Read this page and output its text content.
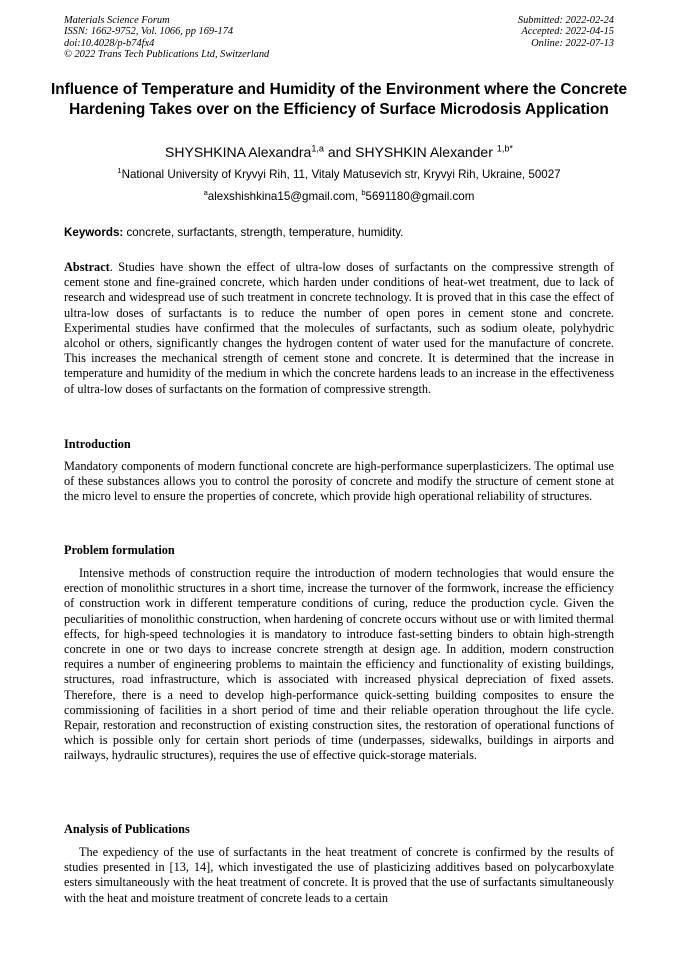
Materials Science Forum
ISSN: 1662-9752, Vol. 1066, pp 169-174
doi:10.4028/p-b74fx4
© 2022 Trans Tech Publications Ltd, Switzerland
Submitted: 2022-02-24
Accepted: 2022-04-15
Online: 2022-07-13
Influence of Temperature and Humidity of the Environment where the Concrete Hardening Takes over on the Efficiency of Surface Microdosis Application
SHYSHKINA Alexandra$^{1,a}$ and SHYSHKIN Alexander $^{1,b*}$
$^1$National University of Kryvyi Rih, 11, Vitaly Matusevich str, Kryvyi Rih, Ukraine, 50027
$^a$alexshishkina15@gmail.com, $^b$5691180@gmail.com
Keywords: concrete, surfactants, strength, temperature, humidity.

Abstract. Studies have shown the effect of ultra-low doses of surfactants on the compressive strength of cement stone and fine-grained concrete, which harden under conditions of heat-wet treatment, due to lack of research and widespread use of such treatment in concrete technology. It is proved that in this case the effect of ultra-low doses of surfactants is to reduce the number of open pores in cement stone and concrete. Experimental studies have confirmed that the molecules of surfactants, such as sodium oleate, polyhydric alcohol or others, significantly changes the hydrogen content of water used for the manufacture of concrete. This increases the mechanical strength of cement stone and concrete. It is determined that the increase in temperature and humidity of the medium in which the concrete hardens leads to an increase in the effectiveness of ultra-low doses of surfactants on the formation of compressive strength.

Introduction

Mandatory components of modern functional concrete are high-performance superplasticizers. The optimal use of these substances allows you to control the porosity of concrete and modify the structure of cement stone at the micro level to ensure the properties of concrete, which provide high operational reliability of structures.

Problem formulation

Intensive methods of construction require the introduction of modern technologies that would ensure the erection of monolithic structures in a short time, increase the turnover of the formwork, increase the efficiency of construction work in different temperature conditions of curing, reduce the production cycle. Given the peculiarities of monolithic construction, when hardening of concrete occurs without use or with limited thermal effects, for high-speed technologies it is mandatory to introduce fast-setting binders to obtain high-strength concrete in one or two days to increase concrete strength at design age. In addition, modern construction requires a number of engineering problems to maintain the efficiency and functionality of existing buildings, structures, road infrastructure, which is associated with increased physical depreciation of fixed assets. Therefore, there is a need to develop high-performance quick-setting building composites to ensure the commissioning of facilities in a short period of time and their reliable operation throughout the life cycle. Repair, restoration and reconstruction of existing construction sites, the restoration of operational functions of which is possible only for certain short periods of time (underpasses, sidewalks, buildings in airports and railways, hydraulic structures), requires the use of effective quick-storage materials.

Analysis of Publications

The expediency of the use of surfactants in the heat treatment of concrete is confirmed by the results of studies presented in [13, 14], which investigated the use of plasticizing additives based on polycarboxylate esters simultaneously with the heat treatment of concrete. It is proved that the use of surfactants simultaneously with the heat and moisture treatment of concrete leads to a certain
